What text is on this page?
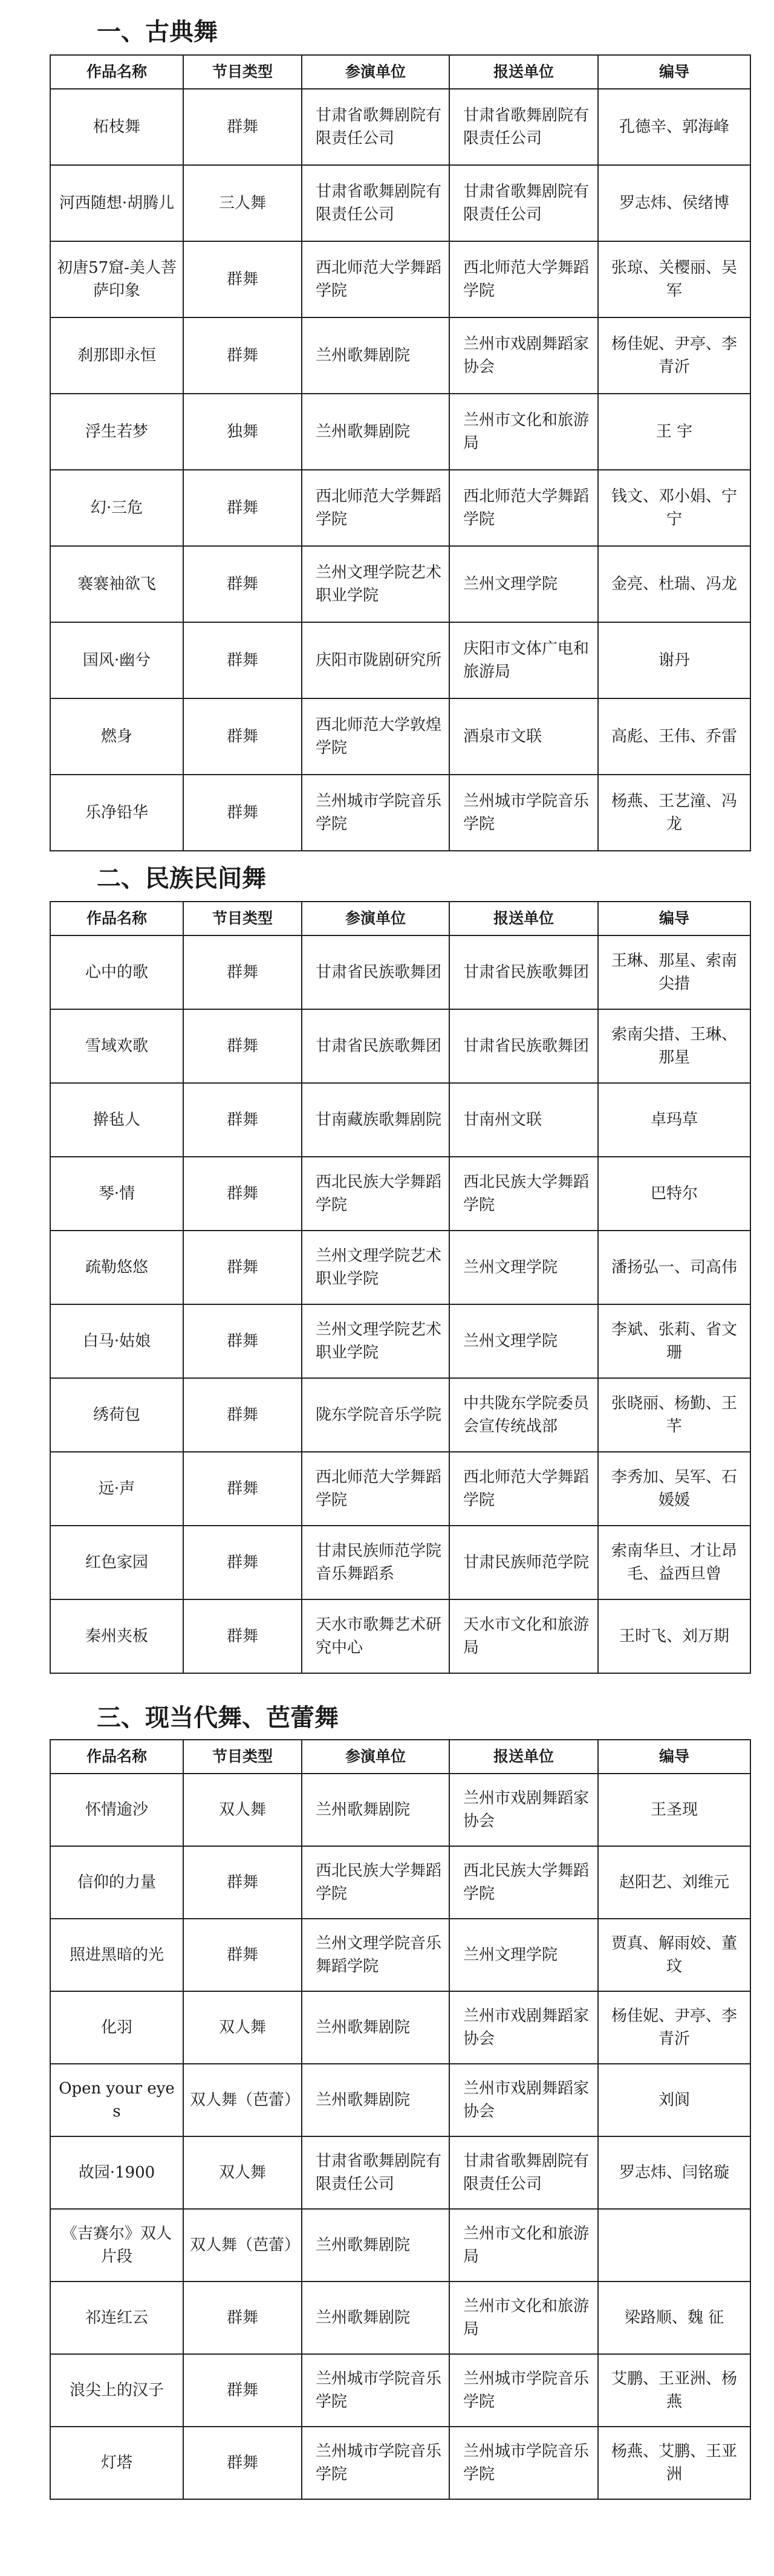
一、古典舞
作品名称	节目类型	参演单位	报送单位	编导
柘枝舞	群舞	甘肃省歌舞剧院有限责任公司	甘肃省歌舞剧院有限责任公司	孔德辛、郭海峰
河西随想·胡腾儿	三人舞	甘肃省歌舞剧院有限责任公司	甘肃省歌舞剧院有限责任公司	罗志炜、侯绪博
初唐57窟-美人菩萨印象	群舞	西北师范大学舞蹈学院	西北师范大学舞蹈学院	张琼、关樱丽、吴军
刹那即永恒	群舞	兰州歌舞剧院	兰州市戏剧舞蹈家协会	杨佳妮、尹亭、李青沂
浮生若梦	独舞	兰州歌舞剧院	兰州市文化和旅游局	王 宇
幻·三危	群舞	西北师范大学舞蹈学院	西北师范大学舞蹈学院	钱文、邓小娟、宁宁
褰褰袖欲飞	群舞	兰州文理学院艺术职业学院	兰州文理学院	金亮、杜瑞、冯龙
国风·幽兮	群舞	庆阳市陇剧研究所	庆阳市文体广电和旅游局	谢丹
燃身	群舞	西北师范大学敦煌学院	酒泉市文联	高彪、王伟、乔雷
乐净铅华	群舞	兰州城市学院音乐学院	兰州城市学院音乐学院	杨燕、王艺潼、冯龙
二、民族民间舞
作品名称	节目类型	参演单位	报送单位	编导
心中的歌	群舞	甘肃省民族歌舞团	甘肃省民族歌舞团	王琳、那星、索南尖措
雪域欢歌	群舞	甘肃省民族歌舞团	甘肃省民族歌舞团	索南尖措、王琳、那星
擀毡人	群舞	甘南藏族歌舞剧院	甘南州文联	卓玛草
琴·情	群舞	西北民族大学舞蹈学院	西北民族大学舞蹈学院	巴特尔
疏勒悠悠	群舞	兰州文理学院艺术职业学院	兰州文理学院	潘扬弘一、司高伟
白马·姑娘	群舞	兰州文理学院艺术职业学院	兰州文理学院	李斌、张莉、省文珊
绣荷包	群舞	陇东学院音乐学院	中共陇东学院委员会宣传统战部	张晓丽、杨勤、王芊
远·声	群舞	西北师范大学舞蹈学院	西北师范大学舞蹈学院	李秀加、吴军、石媛媛
红色家园	群舞	甘肃民族师范学院音乐舞蹈系	甘肃民族师范学院	索南华旦、才让昂毛、益西旦曾
秦州夹板	群舞	天水市歌舞艺术研究中心	天水市文化和旅游局	王时飞、刘万期
三、现当代舞、芭蕾舞
作品名称	节目类型	参演单位	报送单位	编导
怀情逾沙	双人舞	兰州歌舞剧院	兰州市戏剧舞蹈家协会	王圣现
信仰的力量	群舞	西北民族大学舞蹈学院	西北民族大学舞蹈学院	赵阳艺、刘维元
照进黑暗的光	群舞	兰州文理学院音乐舞蹈学院	兰州文理学院	贾真、解雨姣、董玟
化羽	双人舞	兰州歌舞剧院	兰州市戏剧舞蹈家协会	杨佳妮、尹亭、李青沂
Open your eyes	双人舞（芭蕾）	兰州歌舞剧院	兰州市戏剧舞蹈家协会	刘阆
故园·1900	双人舞	甘肃省歌舞剧院有限责任公司	甘肃省歌舞剧院有限责任公司	罗志炜、闫铭璇
《吉赛尔》双人片段	双人舞（芭蕾）	兰州歌舞剧院	兰州市文化和旅游局	
祁连红云	群舞	兰州歌舞剧院	兰州市文化和旅游局	梁路顺、魏 征
浪尖上的汉子	群舞	兰州城市学院音乐学院	兰州城市学院音乐学院	艾鹏、王亚洲、杨燕
灯塔	群舞	兰州城市学院音乐学院	兰州城市学院音乐学院	杨燕、艾鹏、王亚洲
